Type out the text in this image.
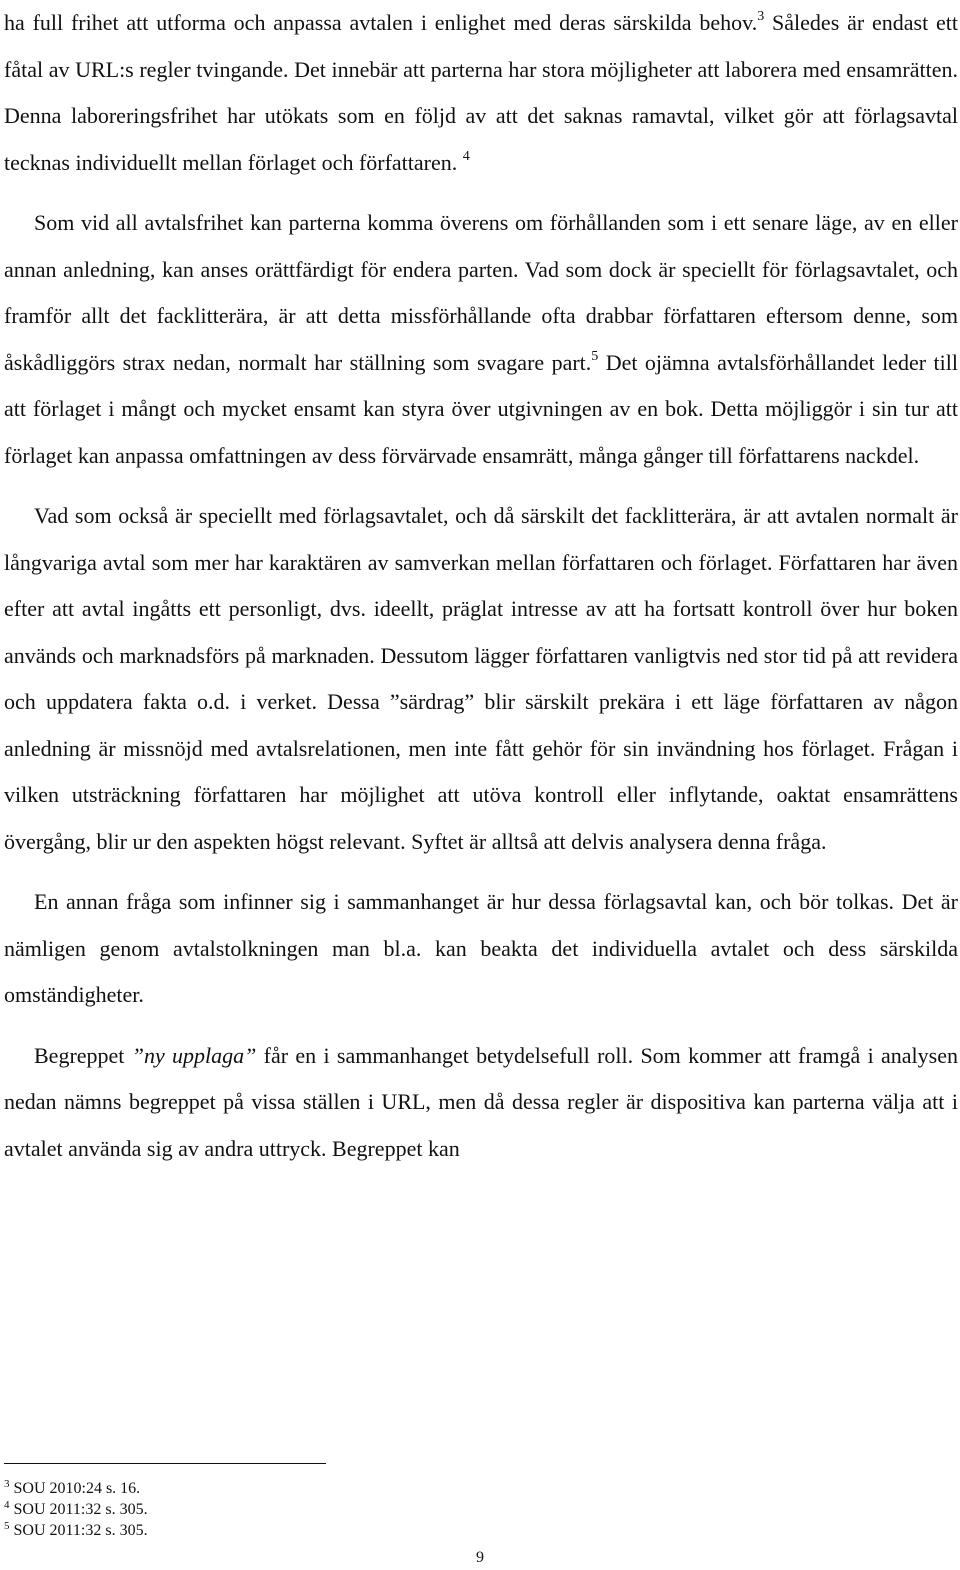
ha full frihet att utforma och anpassa avtalen i enlighet med deras särskilda behov.$^3$ Således är endast ett fåtal av URL:s regler tvingande. Det innebär att parterna har stora möjligheter att laborera med ensamrätten. Denna laboreringsfrihet har utökats som en följd av att det saknas ramavtal, vilket gör att förlagsavtal tecknas individuellt mellan förlaget och författaren. $^4$

Som vid all avtalsfrihet kan parterna komma överens om förhållanden som i ett senare läge, av en eller annan anledning, kan anses orättfärdigt för endera parten. Vad som dock är speciellt för förlagsavtalet, och framför allt det facklitterära, är att detta missförhållande ofta drabbar författaren eftersom denne, som åskådliggörs strax nedan, normalt har ställning som svagare part.$^5$ Det ojämna avtalsförhållandet leder till att förlaget i mångt och mycket ensamt kan styra över utgivningen av en bok. Detta möjliggör i sin tur att förlaget kan anpassa omfattningen av dess förvärvade ensamrätt, många gånger till författarens nackdel.

Vad som också är speciellt med förlagsavtalet, och då särskilt det facklitterära, är att avtalen normalt är långvariga avtal som mer har karaktären av samverkan mellan författaren och förlaget. Författaren har även efter att avtal ingåtts ett personligt, dvs. ideellt, präglat intresse av att ha fortsatt kontroll över hur boken används och marknadsförs på marknaden. Dessutom lägger författaren vanligtvis ned stor tid på att revidera och uppdatera fakta o.d. i verket. Dessa ”särdrag” blir särskilt prekära i ett läge författaren av någon anledning är missnöjd med avtalsrelationen, men inte fått gehör för sin invändning hos förlaget. Frågan i vilken utsträckning författaren har möjlighet att utöva kontroll eller inflytande, oaktat ensamrättens övergång, blir ur den aspekten högst relevant. Syftet är alltså att delvis analysera denna fråga.

En annan fråga som infinner sig i sammanhanget är hur dessa förlagsavtal kan, och bör tolkas. Det är nämligen genom avtalstolkningen man bl.a. kan beakta det individuella avtalet och dess särskilda omständigheter.

Begreppet ”ny upplaga” får en i sammanhanget betydelsefull roll. Som kommer att framgå i analysen nedan nämns begreppet på vissa ställen i URL, men då dessa regler är dispositiva kan parterna välja att i avtalet använda sig av andra uttryck. Begreppet kan

$^3$ SOU 2010:24 s. 16.

$^4$ SOU 2011:32 s. 305.

$^5$ SOU 2011:32 s. 305.

9
